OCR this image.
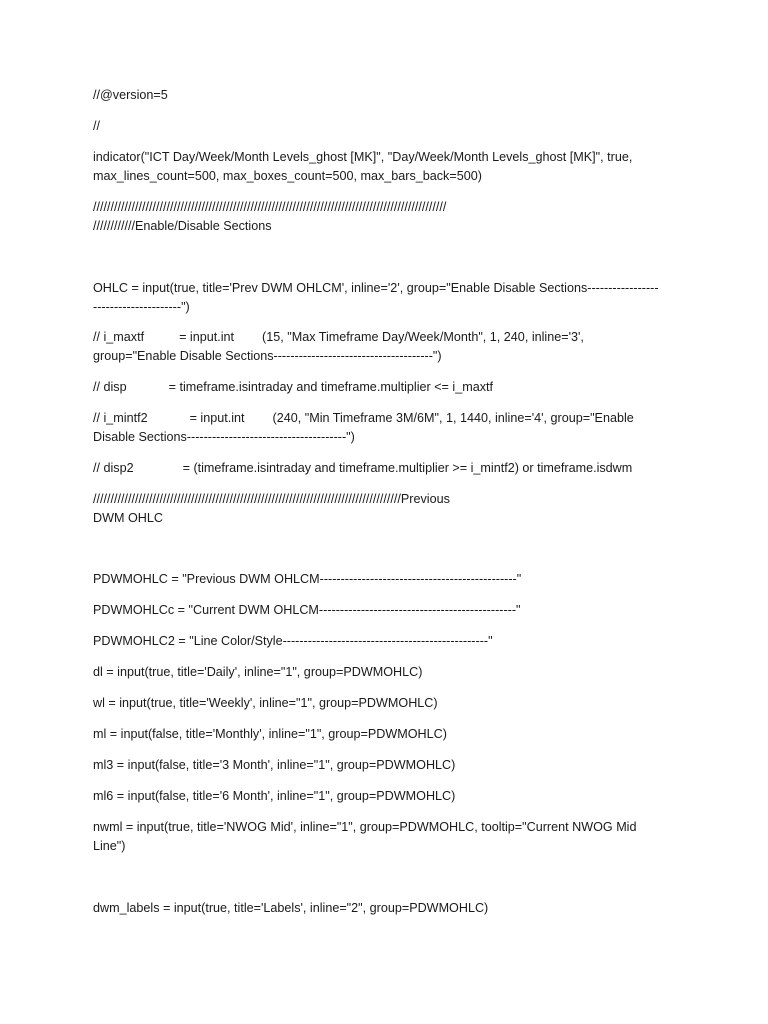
//@version=5
//
indicator("ICT Day/Week/Month Levels_ghost [MK]", "Day/Week/Month Levels_ghost [MK]", true,
max_lines_count=500, max_boxes_count=500, max_bars_back=500)
/////////////////////////////////////////////////////////////////////////////////////////////////////
////////////Enable/Disable Sections
OHLC = input(true, title='Prev DWM OHLCM', inline='2', group="Enable Disable Sections-----------------
---------------------")
// i_maxtf          = input.int        (15, "Max Timeframe Day/Week/Month", 1, 240, inline='3',
group="Enable Disable Sections--------------------------------------")
// disp            = timeframe.isintraday and timeframe.multiplier <= i_maxtf
// i_mintf2            = input.int        (240, "Min Timeframe 3M/6M", 1, 1440, inline='4', group="Enable
Disable Sections--------------------------------------")
// disp2              = (timeframe.isintraday and timeframe.multiplier >= i_mintf2) or timeframe.isdwm
////////////////////////////////////////////////////////////////////////////////////////Previous
DWM OHLC
PDWMOHLC = "Previous DWM OHLCM-----------------------------------------------"
PDWMOHLCc = "Current DWM OHLCM-----------------------------------------------"
PDWMOHLC2 = "Line Color/Style-------------------------------------------------"
dl = input(true, title='Daily', inline="1", group=PDWMOHLC)
wl = input(true, title='Weekly', inline="1", group=PDWMOHLC)
ml = input(false, title='Monthly', inline="1", group=PDWMOHLC)
ml3 = input(false, title='3 Month', inline="1", group=PDWMOHLC)
ml6 = input(false, title='6 Month', inline="1", group=PDWMOHLC)
nwml = input(true, title='NWOG Mid', inline="1", group=PDWMOHLC, tooltip="Current NWOG Mid
Line")
dwm_labels = input(true, title='Labels', inline="2", group=PDWMOHLC)
